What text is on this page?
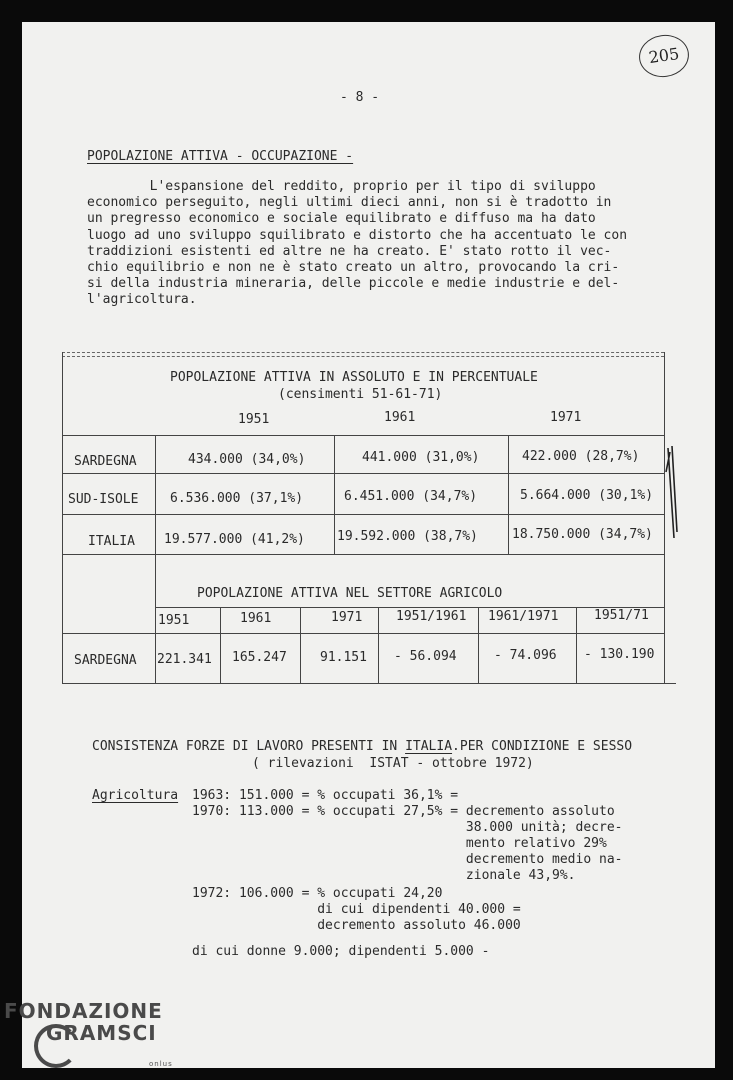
205
- 8 -
POPOLAZIONE ATTIVA - OCCUPAZIONE -
L'espansione del reddito, proprio per il tipo di sviluppo
economico perseguito, negli ultimi dieci anni, non si è tradotto in
un pregresso economico e sociale equilibrato e diffuso ma ha dato
luogo ad uno sviluppo squilibrato e distorto che ha accentuato le con
traddizioni esistenti ed altre ne ha creato. E' stato rotto il vec-
chio equilibrio e non ne è stato creato un altro, provocando la cri-
si della industria mineraria, delle piccole e medie industrie e del-
l'agricoltura.
POPOLAZIONE ATTIVA IN ASSOLUTO E IN PERCENTUALE
(censimenti 51-61-71)
1951	1961	1971
SARDEGNA	434.000 (34,0%)	441.000 (31,0%)	422.000 (28,7%)
SUD-ISOLE 6.536.000 (37,1%)	6.451.000 (34,7%)	5.664.000 (30,1%)
ITALIA 19.577.000 (41,2%) 19.592.000 (38,7%)	18.750.000 (34,7%)
POPOLAZIONE ATTIVA NEL SETTORE AGRICOLO
1951	1961	1971	1951/1961 1961/1971	1951/71
SARDEGNA 221.341 165.247	91.151 - 56.094	- 74.096 - 130.190
CONSISTENZA FORZE DI LAVORO PRESENTI IN ITALIA.PER CONDIZIONE E SESSO
( rilevazioni  ISTAT - ottobre 1972)
Agricoltura 1963: 151.000 = % occupati 36,1% =
1970: 113.000 = % occupati 27,5% = decremento assoluto
38.000 unità; decre-
mento relativo 29%
decremento medio na-
zionale 43,9%.
1972: 106.000 = % occupati 24,20
di cui dipendenti 40.000 =
decremento assoluto 46.000
di cui donne 9.000; dipendenti 5.000 -
FONDAZIONE
GRAMSCI
onlus
